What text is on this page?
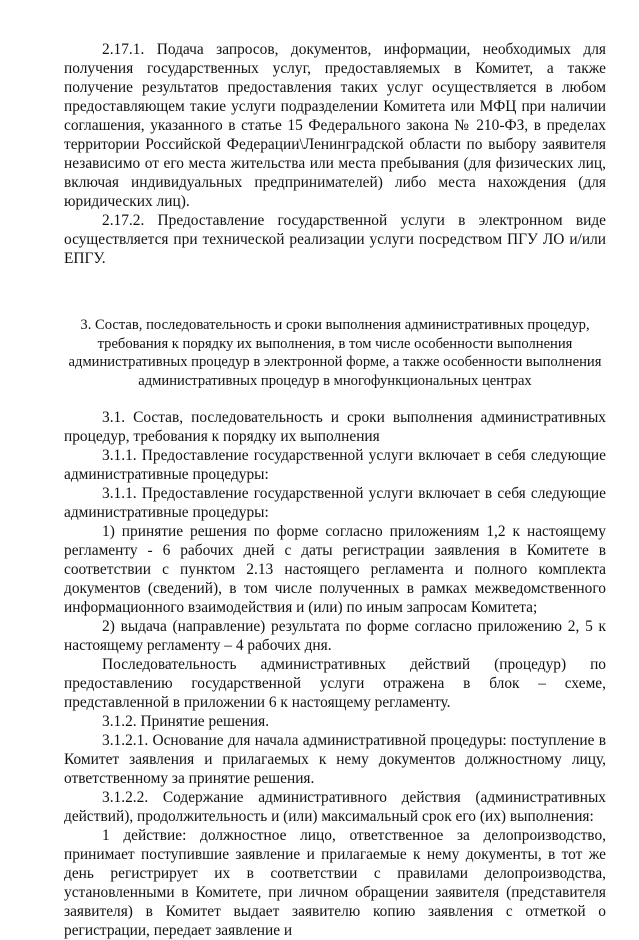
2.17.1. Подача запросов, документов, информации, необходимых для получения государственных услуг, предоставляемых в Комитет, а также получение результатов предоставления таких услуг осуществляется в любом предоставляющем такие услуги подразделении Комитета или МФЦ при наличии соглашения, указанного в статье 15 Федерального закона № 210-ФЗ, в пределах территории Российской Федерации\Ленинградской области по выбору заявителя независимо от его места жительства или места пребывания (для физических лиц, включая индивидуальных предпринимателей) либо места нахождения (для юридических лиц).

2.17.2. Предоставление государственной услуги в электронном виде осуществляется при технической реализации услуги посредством ПГУ ЛО и/или ЕПГУ.

3. Состав, последовательность и сроки выполнения административных процедур, требования к порядку их выполнения, в том числе особенности выполнения административных процедур в электронной форме, а также особенности выполнения административных процедур в многофункциональных центрах

3.1. Состав, последовательность и сроки выполнения административных процедур, требования к порядку их выполнения

3.1.1. Предоставление государственной услуги включает в себя следующие административные процедуры:

3.1.1. Предоставление государственной услуги включает в себя следующие административные процедуры:

1) принятие решения по форме согласно приложениям 1,2 к настоящему регламенту - 6 рабочих дней с даты регистрации заявления в Комитете в соответствии с пунктом 2.13 настоящего регламента и полного комплекта документов (сведений), в том числе полученных в рамках межведомственного информационного взаимодействия и (или) по иным запросам Комитета;

2) выдача (направление) результата по форме согласно приложению 2, 5 к настоящему регламенту – 4 рабочих дня.

Последовательность административных действий (процедур) по предоставлению государственной услуги отражена в блок – схеме, представленной в приложении 6 к настоящему регламенту.

3.1.2. Принятие решения.

3.1.2.1. Основание для начала административной процедуры: поступление в Комитет заявления и прилагаемых к нему документов должностному лицу, ответственному за принятие решения.

3.1.2.2. Содержание административного действия (административных действий), продолжительность и (или) максимальный срок его (их) выполнения:

1 действие: должностное лицо, ответственное за делопроизводство, принимает поступившие заявление и прилагаемые к нему документы, в тот же день регистрирует их в соответствии с правилами делопроизводства, установленными в Комитете, при личном обращении заявителя (представителя заявителя) в Комитет выдает заявителю копию заявления с отметкой о регистрации, передает заявление и
